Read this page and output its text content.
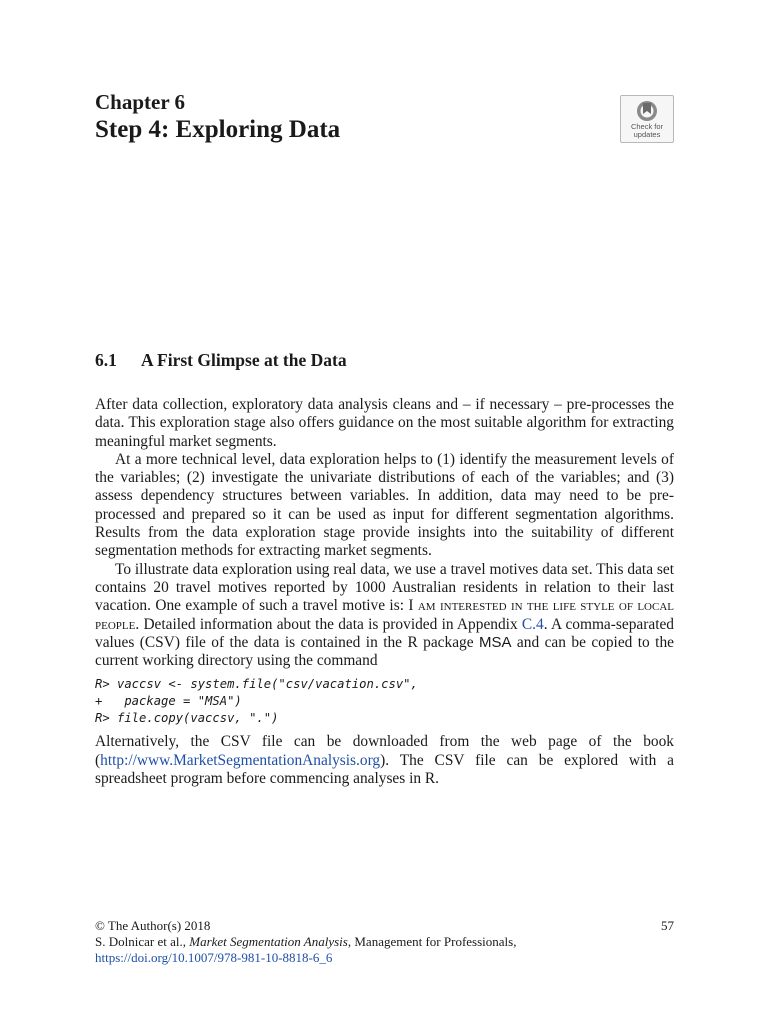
Chapter 6
Step 4: Exploring Data	Check for
updates
6.1 A First Glimpse at the Data

After data collection, exploratory data analysis cleans and – if necessary – pre-processes the data. This exploration stage also offers guidance on the most suitable algorithm for extracting meaningful market segments.

At a more technical level, data exploration helps to (1) identify the measurement levels of the variables; (2) investigate the univariate distributions of each of the variables; and (3) assess dependency structures between variables. In addition, data may need to be pre-processed and prepared so it can be used as input for different segmentation algorithms. Results from the data exploration stage provide insights into the suitability of different segmentation methods for extracting market segments.

To illustrate data exploration using real data, we use a travel motives data set. This data set contains 20 travel motives reported by 1000 Australian residents in relation to their last vacation. One example of such a travel motive is: I am interested in the life style of local people. Detailed information about the data is provided in Appendix C.4. A comma-separated values (CSV) file of the data is contained in the R package MSA and can be copied to the current working directory using the command

R> vaccsv <- system.file("csv/vacation.csv",
+   package = "MSA")
R> file.copy(vaccsv, ".")

Alternatively, the CSV file can be downloaded from the web page of the book (http://www.MarketSegmentationAnalysis.org). The CSV file can be explored with a spreadsheet program before commencing analyses in R.

© The Author(s) 2018
S. Dolnicar et al., Market Segmentation Analysis, Management for Professionals,
https://doi.org/10.1007/978-981-10-8818-6_6
57
